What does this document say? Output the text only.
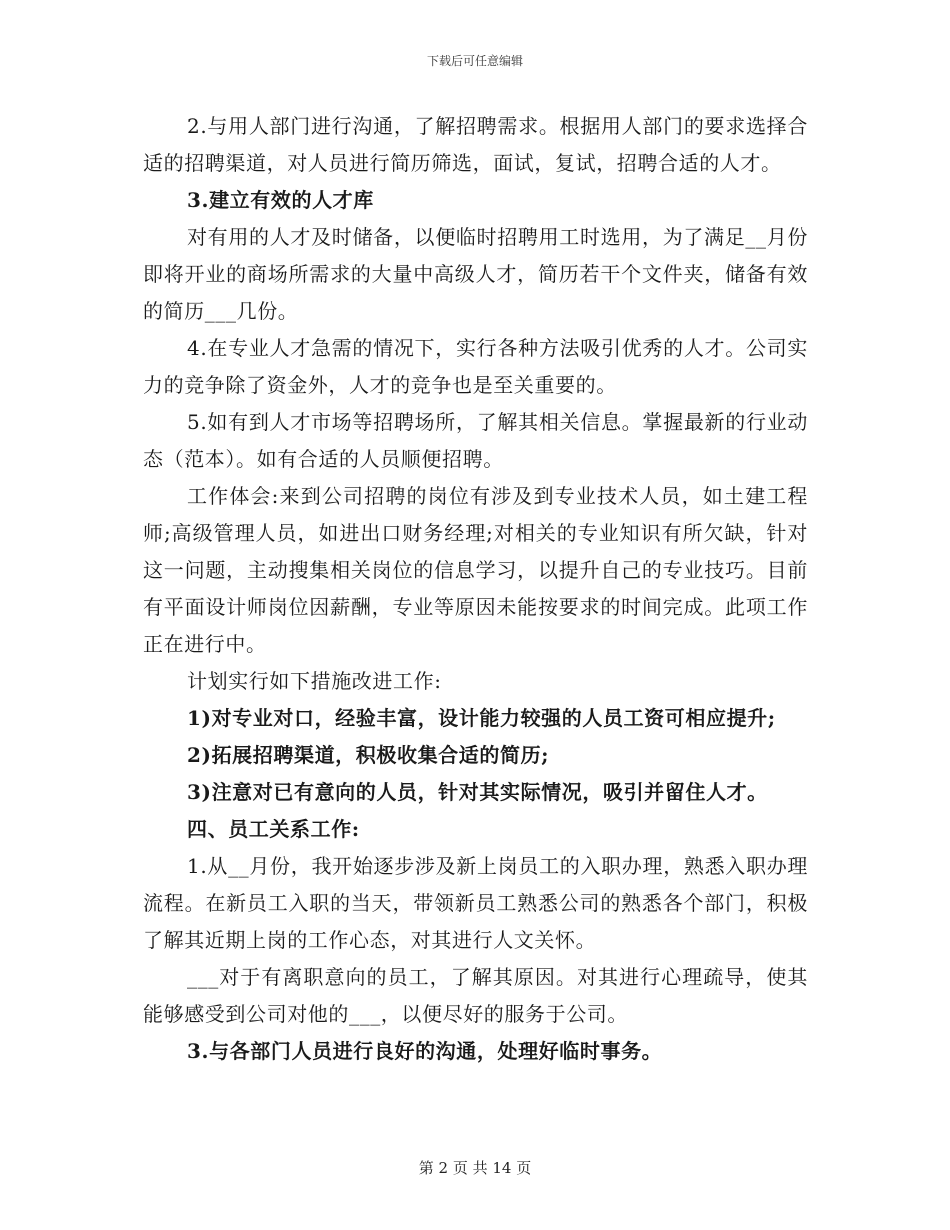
下载后可任意编辑

2.与用人部门进行沟通，了解招聘需求。根据用人部门的要求选择合适的招聘渠道，对人员进行简历筛选，面试，复试，招聘合适的人才。

3.建立有效的人才库

对有用的人才及时储备，以便临时招聘用工时选用，为了满足__月份即将开业的商场所需求的大量中高级人才，简历若干个文件夹，储备有效的简历___几份。

4.在专业人才急需的情况下，实行各种方法吸引优秀的人才。公司实力的竞争除了资金外，人才的竞争也是至关重要的。

5.如有到人才市场等招聘场所，了解其相关信息。掌握最新的行业动态（范本）。如有合适的人员顺便招聘。

工作体会:来到公司招聘的岗位有涉及到专业技术人员，如土建工程师;高级管理人员，如进出口财务经理;对相关的专业知识有所欠缺，针对这一问题，主动搜集相关岗位的信息学习，以提升自己的专业技巧。目前有平面设计师岗位因薪酬，专业等原因未能按要求的时间完成。此项工作正在进行中。

计划实行如下措施改进工作:

1)对专业对口，经验丰富，设计能力较强的人员工资可相应提升;

2)拓展招聘渠道，积极收集合适的简历;

3)注意对已有意向的人员，针对其实际情况，吸引并留住人才。

四、员工关系工作:

1.从__月份，我开始逐步涉及新上岗员工的入职办理，熟悉入职办理流程。在新员工入职的当天，带领新员工熟悉公司的熟悉各个部门，积极了解其近期上岗的工作心态，对其进行人文关怀。

___对于有离职意向的员工，了解其原因。对其进行心理疏导，使其能够感受到公司对他的___，以便尽好的服务于公司。

3.与各部门人员进行良好的沟通，处理好临时事务。

第 2 页 共 14 页
